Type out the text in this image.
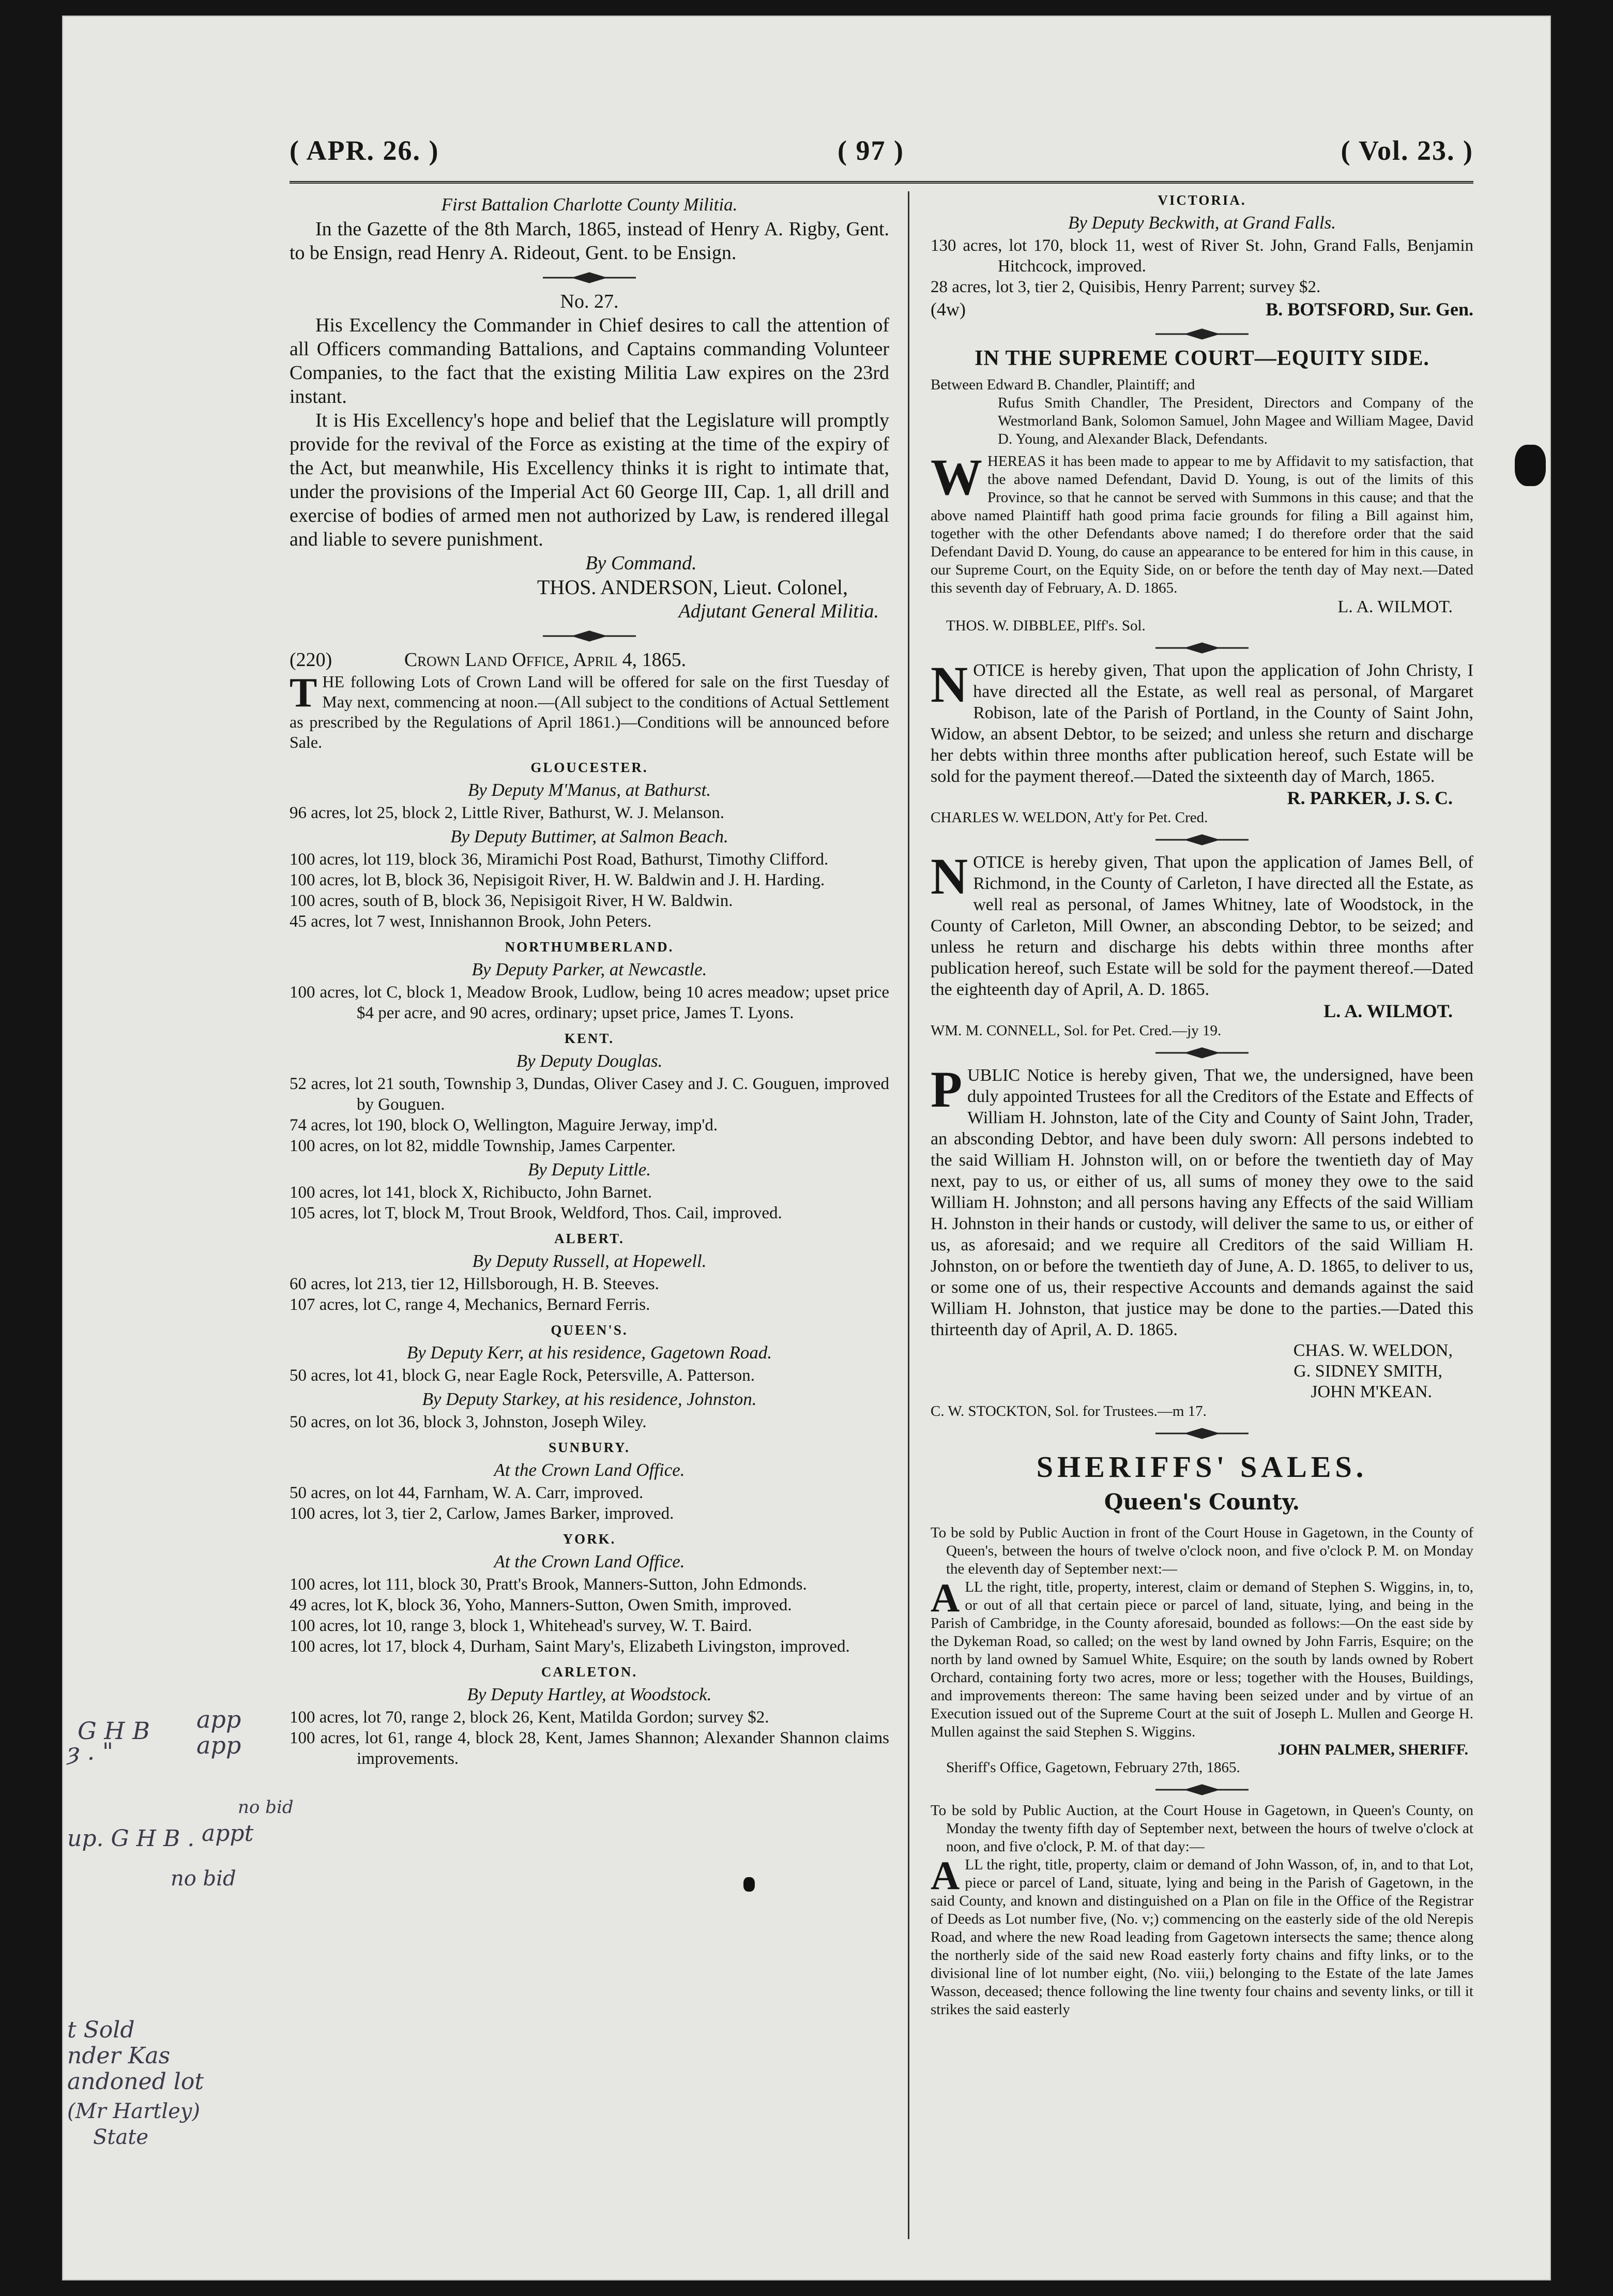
( APR. 26. )	( 97 )	( Vol. 23. )

First Battalion Charlotte County Militia.

In the Gazette of the 8th March, 1865, instead of Henry A. Rigby, Gent. to be Ensign, read Henry A. Rideout, Gent. to be Ensign.

No. 27.

His Excellency the Commander in Chief desires to call the attention of all Officers commanding Battalions, and Captains commanding Volunteer Companies, to the fact that the existing Militia Law expires on the 23rd instant.

It is His Excellency's hope and belief that the Legislature will promptly provide for the revival of the Force as existing at the time of the expiry of the Act, but meanwhile, His Excellency thinks it is right to intimate that, under the provisions of the Imperial Act 60 George III, Cap. 1, all drill and exercise of bodies of armed men not authorized by Law, is rendered illegal and liable to severe punishment.

By Command.

THOS. ANDERSON, Lieut. Colonel,

Adjutant General Militia.

(220)	Crown Land Office, April 4, 1865.

THE following Lots of Crown Land will be offered for sale on the first Tuesday of May next, commencing at noon.—(All subject to the conditions of Actual Settlement as prescribed by the Regulations of April 1861.)—Conditions will be announced before Sale.

GLOUCESTER.

By Deputy M'Manus, at Bathurst.

96 acres, lot 25, block 2, Little River, Bathurst, W. J. Melanson.

By Deputy Buttimer, at Salmon Beach.

100 acres, lot 119, block 36, Miramichi Post Road, Bathurst, Timothy Clifford.

100 acres, lot B, block 36, Nepisigoit River, H. W. Baldwin and J. H. Harding.

100 acres, south of B, block 36, Nepisigoit River, H W. Baldwin.

45 acres, lot 7 west, Innishannon Brook, John Peters.

NORTHUMBERLAND.

By Deputy Parker, at Newcastle.

100 acres, lot C, block 1, Meadow Brook, Ludlow, being 10 acres meadow; upset price $4 per acre, and 90 acres, ordinary; upset price, James T. Lyons.

KENT.

By Deputy Douglas.

52 acres, lot 21 south, Township 3, Dundas, Oliver Casey and J. C. Gouguen, improved by Gouguen.

74 acres, lot 190, block O, Wellington, Maguire Jerway, imp'd.

100 acres, on lot 82, middle Township, James Carpenter.

By Deputy Little.

100 acres, lot 141, block X, Richibucto, John Barnet.

105 acres, lot T, block M, Trout Brook, Weldford, Thos. Cail, improved.

ALBERT.

By Deputy Russell, at Hopewell.

60 acres, lot 213, tier 12, Hillsborough, H. B. Steeves.

107 acres, lot C, range 4, Mechanics, Bernard Ferris.

QUEEN'S.

By Deputy Kerr, at his residence, Gagetown Road.

50 acres, lot 41, block G, near Eagle Rock, Petersville, A. Patterson.

By Deputy Starkey, at his residence, Johnston.

50 acres, on lot 36, block 3, Johnston, Joseph Wiley.

SUNBURY.

At the Crown Land Office.

50 acres, on lot 44, Farnham, W. A. Carr, improved.

100 acres, lot 3, tier 2, Carlow, James Barker, improved.

YORK.

At the Crown Land Office.

100 acres, lot 111, block 30, Pratt's Brook, Manners-Sutton, John Edmonds.

49 acres, lot K, block 36, Yoho, Manners-Sutton, Owen Smith, improved.

100 acres, lot 10, range 3, block 1, Whitehead's survey, W. T. Baird.

100 acres, lot 17, block 4, Durham, Saint Mary's, Elizabeth Livingston, improved.

CARLETON.

By Deputy Hartley, at Woodstock.

100 acres, lot 70, range 2, block 26, Kent, Matilda Gordon; survey $2.

100 acres, lot 61, range 4, block 28, Kent, James Shannon; Alexander Shannon claims improvements.

VICTORIA.

By Deputy Beckwith, at Grand Falls.

130 acres, lot 170, block 11, west of River St. John, Grand Falls, Benjamin Hitchcock, improved.

28 acres, lot 3, tier 2, Quisibis, Henry Parrent; survey $2.

(4w)	B. BOTSFORD, Sur. Gen.

IN THE SUPREME COURT—EQUITY SIDE.

Between Edward B. Chandler, Plaintiff; and

Rufus Smith Chandler, The President, Directors and Company of the Westmorland Bank, Solomon Samuel, John Magee and William Magee, David D. Young, and Alexander Black, Defendants.

WHEREAS it has been made to appear to me by Affidavit to my satisfaction, that the above named Defendant, David D. Young, is out of the limits of this Province, so that he cannot be served with Summons in this cause; and that the above named Plaintiff hath good prima facie grounds for filing a Bill against him, together with the other Defendants above named; I do therefore order that the said Defendant David D. Young, do cause an appearance to be entered for him in this cause, in our Supreme Court, on the Equity Side, on or before the tenth day of May next.—Dated this seventh day of February, A. D. 1865.

L. A. WILMOT.

THOS. W. DIBBLEE, Plff's. Sol.

NOTICE is hereby given, That upon the application of John Christy, I have directed all the Estate, as well real as personal, of Margaret Robison, late of the Parish of Portland, in the County of Saint John, Widow, an absent Debtor, to be seized; and unless she return and discharge her debts within three months after publication hereof, such Estate will be sold for the payment thereof.—Dated the sixteenth day of March, 1865.

R. PARKER, J. S. C.

CHARLES W. WELDON, Att'y for Pet. Cred.

NOTICE is hereby given, That upon the application of James Bell, of Richmond, in the County of Carleton, I have directed all the Estate, as well real as personal, of James Whitney, late of Woodstock, in the County of Carleton, Mill Owner, an absconding Debtor, to be seized; and unless he return and discharge his debts within three months after publication hereof, such Estate will be sold for the payment thereof.—Dated the eighteenth day of April, A. D. 1865.

L. A. WILMOT.

WM. M. CONNELL, Sol. for Pet. Cred.—jy 19.

PUBLIC Notice is hereby given, That we, the undersigned, have been duly appointed Trustees for all the Creditors of the Estate and Effects of William H. Johnston, late of the City and County of Saint John, Trader, an absconding Debtor, and have been duly sworn: All persons indebted to the said William H. Johnston will, on or before the twentieth day of May next, pay to us, or either of us, all sums of money they owe to the said William H. Johnston; and all persons having any Effects of the said William H. Johnston in their hands or custody, will deliver the same to us, or either of us, as aforesaid; and we require all Creditors of the said William H. Johnston, on or before the twentieth day of June, A. D. 1865, to deliver to us, or some one of us, their respective Accounts and demands against the said William H. Johnston, that justice may be done to the parties.—Dated this thirteenth day of April, A. D. 1865.

CHAS. W. WELDON,

G. SIDNEY SMITH,

JOHN M'KEAN.

C. W. STOCKTON, Sol. for Trustees.—m 17.

SHERIFFS' SALES.

Queen's County.

To be sold by Public Auction in front of the Court House in Gagetown, in the County of Queen's, between the hours of twelve o'clock noon, and five o'clock P. M. on Monday the eleventh day of September next:—

ALL the right, title, property, interest, claim or demand of Stephen S. Wiggins, in, to, or out of all that certain piece or parcel of land, situate, lying, and being in the Parish of Cambridge, in the County aforesaid, bounded as follows:—On the east side by the Dykeman Road, so called; on the west by land owned by John Farris, Esquire; on the north by land owned by Samuel White, Esquire; on the south by lands owned by Robert Orchard, containing forty two acres, more or less; together with the Houses, Buildings, and improvements thereon: The same having been seized under and by virtue of an Execution issued out of the Supreme Court at the suit of Joseph L. Mullen and George H. Mullen against the said Stephen S. Wiggins.

JOHN PALMER, SHERIFF.

Sheriff's Office, Gagetown, February 27th, 1865.

To be sold by Public Auction, at the Court House in Gagetown, in Queen's County, on Monday the twenty fifth day of September next, between the hours of twelve o'clock at noon, and five o'clock, P. M. of that day:—

ALL the right, title, property, claim or demand of John Wasson, of, in, and to that Lot, piece or parcel of Land, situate, lying and being in the Parish of Gagetown, in the said County, and known and distinguished on a Plan on file in the Office of the Registrar of Deeds as Lot number five, (No. v;) commencing on the easterly side of the old Nerepis Road, and where the new Road leading from Gagetown intersects the same; thence along the northerly side of the said new Road easterly forty chains and fifty links, or to the divisional line of lot number eight, (No. viii,) belonging to the Estate of the late James Wasson, deceased; thence following the line twenty four chains and seventy links, or till it strikes the said easterly

G H B app
app
ȝ . "
no bid
up. G H B . appt
no bid
t Sold
nder Kas
andoned lot
(Mr Hartley)
State
